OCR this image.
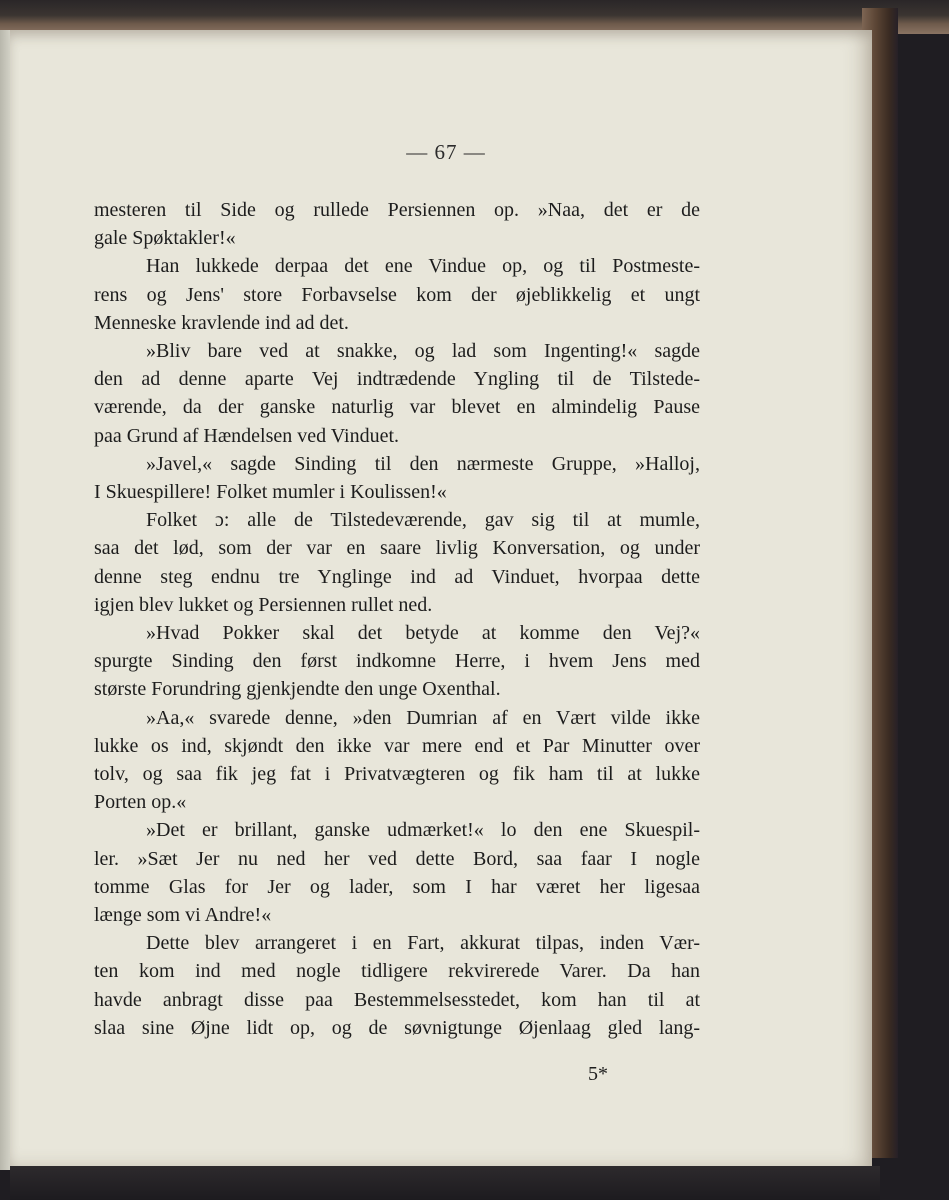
— 67 —
mesteren til Side og rullede Persiennen op. »Naa, det er de
gale Spøktakler!«
Han lukkede derpaa det ene Vindue op, og til Postmeste-
rens og Jens' store Forbavselse kom der øjeblikkelig et ungt
Menneske kravlende ind ad det.
»Bliv bare ved at snakke, og lad som Ingenting!« sagde
den ad denne aparte Vej indtrædende Yngling til de Tilstede-
værende, da der ganske naturlig var blevet en almindelig Pause
paa Grund af Hændelsen ved Vinduet.
»Javel,« sagde Sinding til den nærmeste Gruppe, »Halloj,
I Skuespillere! Folket mumler i Koulissen!«
Folket ɔ: alle de Tilstedeværende, gav sig til at mumle,
saa det lød, som der var en saare livlig Konversation, og under
denne steg endnu tre Ynglinge ind ad Vinduet, hvorpaa dette
igjen blev lukket og Persiennen rullet ned.
»Hvad Pokker skal det betyde at komme den Vej?«
spurgte Sinding den først indkomne Herre, i hvem Jens med
største Forundring gjenkjendte den unge Oxenthal.
»Aa,« svarede denne, »den Dumrian af en Vært vilde ikke
lukke os ind, skjøndt den ikke var mere end et Par Minutter over
tolv, og saa fik jeg fat i Privatvægteren og fik ham til at lukke
Porten op.«
»Det er brillant, ganske udmærket!« lo den ene Skuespil-
ler. »Sæt Jer nu ned her ved dette Bord, saa faar I nogle
tomme Glas for Jer og lader, som I har været her ligesaa
længe som vi Andre!«
Dette blev arrangeret i en Fart, akkurat tilpas, inden Vær-
ten kom ind med nogle tidligere rekvirerede Varer. Da han
havde anbragt disse paa Bestemmelsesstedet, kom han til at
slaa sine Øjne lidt op, og de søvnigtunge Øjenlaag gled lang-
5*
